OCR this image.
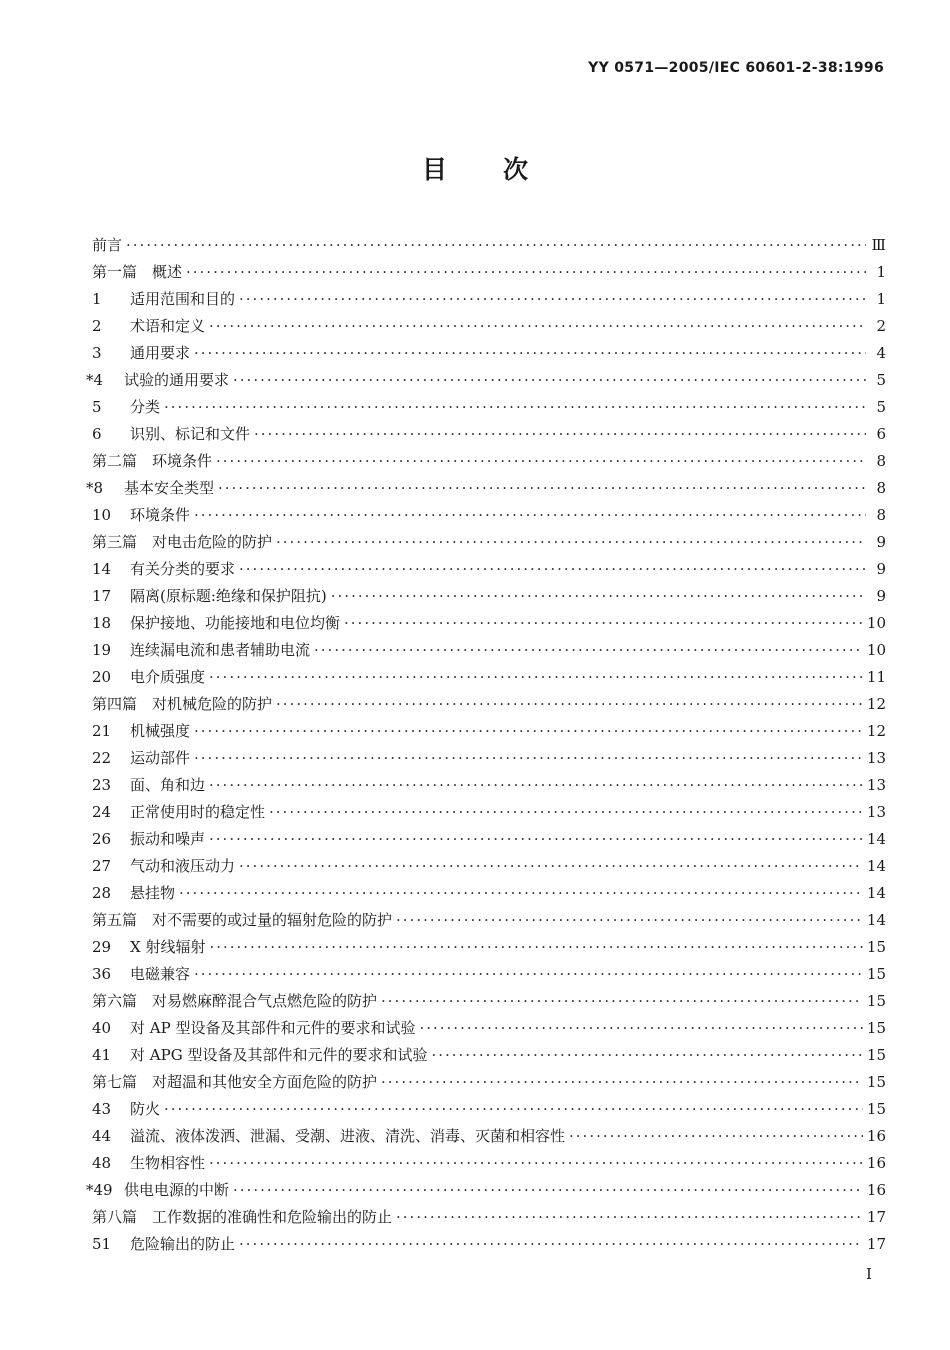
YY 0571—2005/IEC 60601-2-38:1996
目 次
前言 ·····	Ⅲ
第一篇　概述 ·····	1
1	适用范围和目的 ·····	1
2	术语和定义 ·····	2
3	通用要求 ·····	4
*4	试验的通用要求 ·····	5
5	分类 ·····	5
6	识别、标记和文件 ·····	6
第二篇　环境条件 ·····	8
*8	基本安全类型 ·····	8
10	环境条件 ·····	8
第三篇　对电击危险的防护 ·····	9
14	有关分类的要求 ·····	9
17	隔离(原标题:绝缘和保护阻抗) ·····	9
18	保护接地、功能接地和电位均衡 ·····	10
19	连续漏电流和患者辅助电流 ·····	10
20	电介质强度 ·····	11
第四篇　对机械危险的防护 ·····	12
21	机械强度 ·····	12
22	运动部件 ·····	13
23	面、角和边 ·····	13
24	正常使用时的稳定性 ·····	13
26	振动和噪声 ·····	14
27	气动和液压动力 ·····	14
28	悬挂物 ·····	14
第五篇　对不需要的或过量的辐射危险的防护 ·····	14
29	X 射线辐射 ·····	15
36	电磁兼容 ·····	15
第六篇　对易燃麻醉混合气点燃危险的防护 ·····	15
40	对 AP 型设备及其部件和元件的要求和试验 ·····	15
41	对 APG 型设备及其部件和元件的要求和试验 ·····	15
第七篇　对超温和其他安全方面危险的防护 ·····	15
43	防火 ·····	15
44	溢流、液体泼洒、泄漏、受潮、进液、清洗、消毒、灭菌和相容性 ·····	16
48	生物相容性 ·····	16
*49 供电电源的中断 ·····	16
第八篇　工作数据的准确性和危险输出的防止 ·····	17
51	危险输出的防止 ·····	17
I
